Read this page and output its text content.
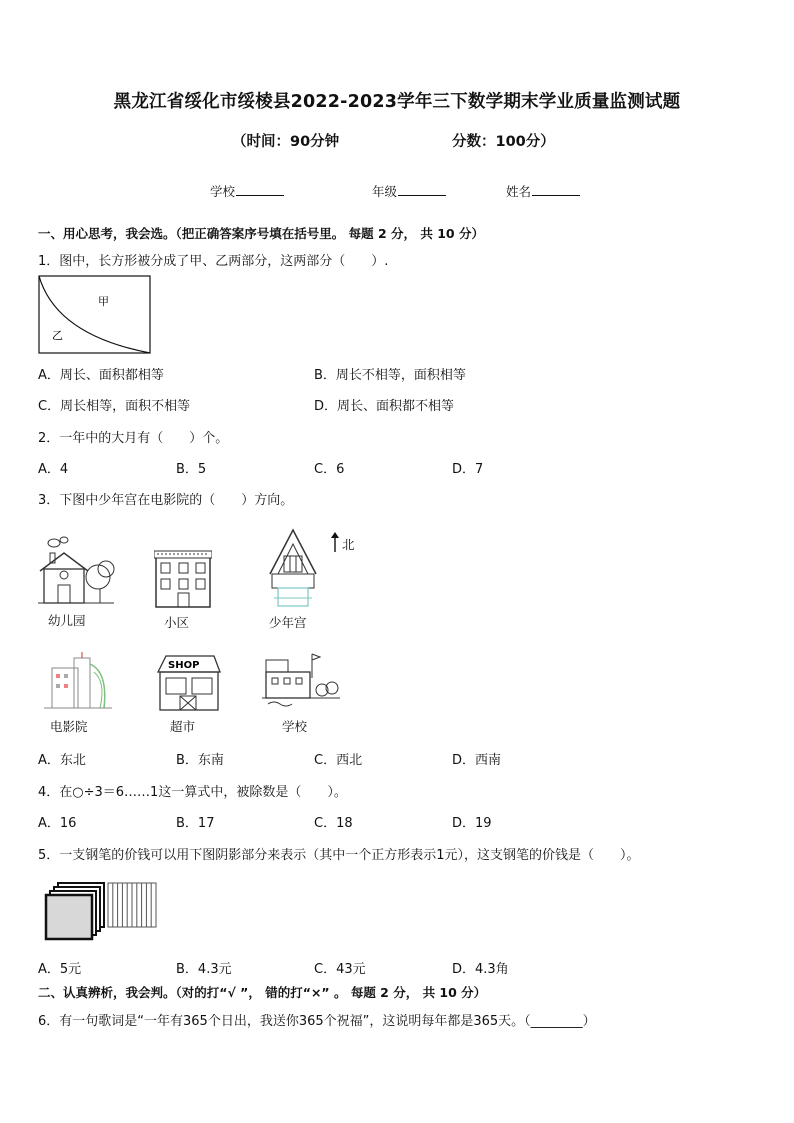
黑龙江省绥化市绥棱县2022-2023学年三下数学期末学业质量监测试题
（时间：90分钟	分数：100分）
学校	年级	姓名
一、用心思考，我会选。（把正确答案序号填在括号里。 每题 2 分， 共 10 分）
1．图中，长方形被分成了甲、乙两部分，这两部分（　　）.
甲
乙
A．周长、面积都相等	B．周长不相等，面积相等
C．周长相等，面积不相等	D．周长、面积都不相等
2．一年中的大月有（　　）个。
A．4	B．5	C．6	D．7
3．下图中少年宫在电影院的（　　）方向。
幼儿园	小区	少年宫
北
电影院
SHOP
超市	学校
A．东北	B．东南	C．西北	D．西南
4．在○÷3＝6……1这一算式中，被除数是（　　）。
A．16	B．17	C．18	D．19
5．一支钢笔的价钱可以用下图阴影部分来表示（其中一个正方形表示1元），这支钢笔的价钱是（　　）。
A．5元	B．4.3元	C．43元	D．4.3角
二、认真辨析，我会判。（对的打“√ ”， 错的打“×” 。 每题 2 分， 共 10 分）
6．有一句歌词是“一年有365个日出，我送你365个祝福”，这说明每年都是365天。（________）
